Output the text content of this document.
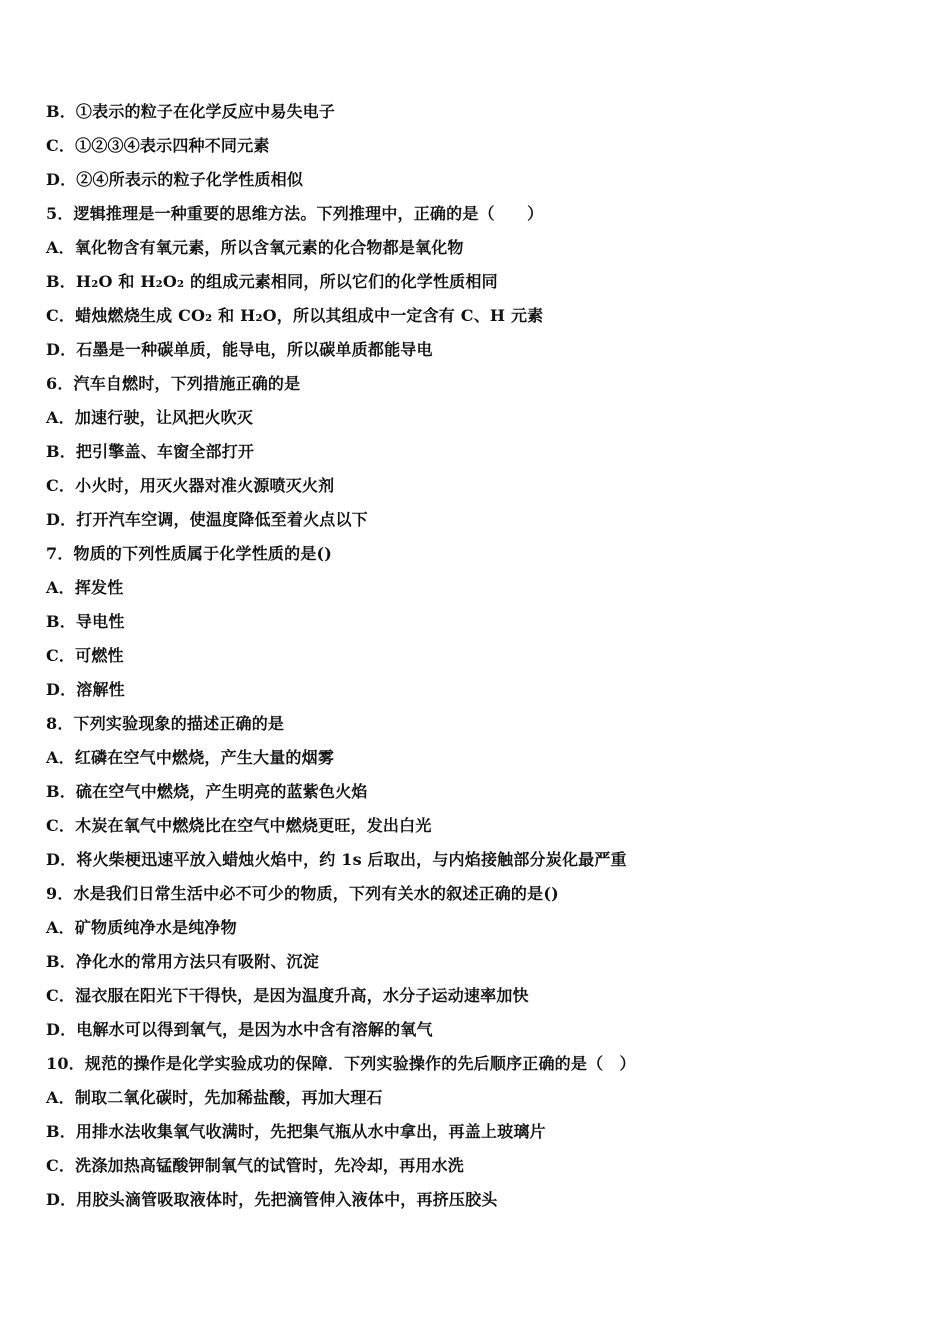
B．①表示的粒子在化学反应中易失电子
C．①②③④表示四种不同元素
D．②④所表示的粒子化学性质相似
5．逻辑推理是一种重要的思维方法。下列推理中，正确的是（　　）
A．氧化物含有氧元素，所以含氧元素的化合物都是氧化物
B．H₂O 和 H₂O₂ 的组成元素相同，所以它们的化学性质相同
C．蜡烛燃烧生成 CO₂ 和 H₂O，所以其组成中一定含有 C、H 元素
D．石墨是一种碳单质，能导电，所以碳单质都能导电
6．汽车自燃时，下列措施正确的是
A．加速行驶，让风把火吹灭
B．把引擎盖、车窗全部打开
C．小火时，用灭火器对准火源喷灭火剂
D．打开汽车空调，使温度降低至着火点以下
7．物质的下列性质属于化学性质的是()
A．挥发性
B．导电性
C．可燃性
D．溶解性
8．下列实验现象的描述正确的是
A．红磷在空气中燃烧，产生大量的烟雾
B．硫在空气中燃烧，产生明亮的蓝紫色火焰
C．木炭在氧气中燃烧比在空气中燃烧更旺，发出白光
D．将火柴梗迅速平放入蜡烛火焰中，约 1s 后取出，与内焰接触部分炭化最严重
9．水是我们日常生活中必不可少的物质，下列有关水的叙述正确的是()
A．矿物质纯净水是纯净物
B．净化水的常用方法只有吸附、沉淀
C．湿衣服在阳光下干得快，是因为温度升高，水分子运动速率加快
D．电解水可以得到氧气，是因为水中含有溶解的氧气
10．规范的操作是化学实验成功的保障．下列实验操作的先后顺序正确的是（　）
A．制取二氧化碳时，先加稀盐酸，再加大理石
B．用排水法收集氧气收满时，先把集气瓶从水中拿出，再盖上玻璃片
C．洗涤加热高锰酸钾制氧气的试管时，先冷却，再用水洗
D．用胶头滴管吸取液体时，先把滴管伸入液体中，再挤压胶头
